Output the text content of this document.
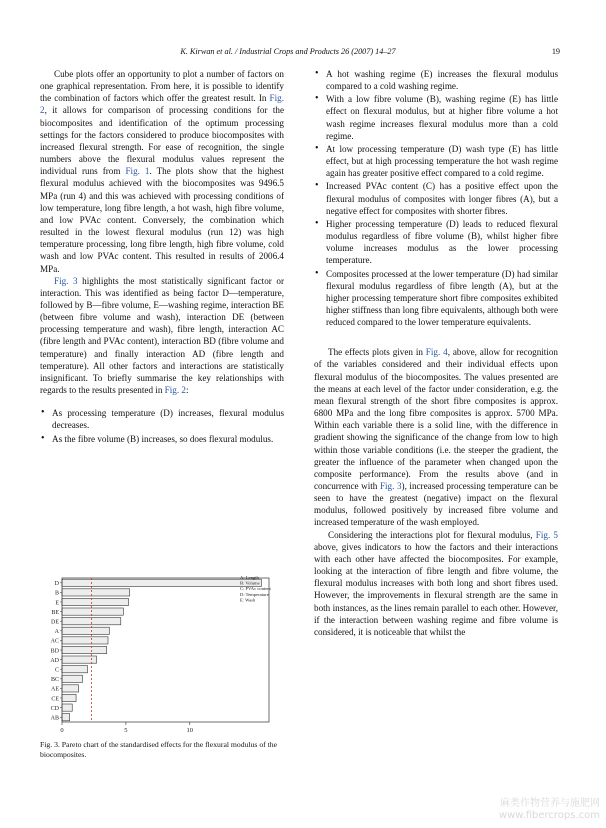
K. Kirwan et al. / Industrial Crops and Products 26 (2007) 14–27	19

Cube plots offer an opportunity to plot a number of factors on one graphical representation. From here, it is possible to identify the combination of factors which offer the greatest result. In Fig. 2, it allows for comparison of processing conditions for the biocomposites and identification of the optimum processing settings for the factors considered to produce biocomposites with increased flexural strength. For ease of recognition, the single numbers above the flexural modulus values represent the individual runs from Fig. 1. The plots show that the highest flexural modulus achieved with the biocomposites was 9496.5 MPa (run 4) and this was achieved with processing conditions of low temperature, long fibre length, a hot wash, high fibre volume, and low PVAc content. Conversely, the combination which resulted in the lowest flexural modulus (run 12) was high temperature processing, long fibre length, high fibre volume, cold wash and low PVAc content. This resulted in results of 2006.4 MPa.

Fig. 3 highlights the most statistically significant factor or interaction. This was identified as being factor D—temperature, followed by B—fibre volume, E—washing regime, interaction BE (between fibre volume and wash), interaction DE (between processing temperature and wash), fibre length, interaction AC (fibre length and PVAc content), interaction BD (fibre volume and temperature) and finally interaction AD (fibre length and temperature). All other factors and interactions are statistically insignificant. To briefly summarise the key relationships with regards to the results presented in Fig. 2:

• As processing temperature (D) increases, flexural modulus decreases.
• As the fibre volume (B) increases, so does flexural modulus.
D
B
E
BE
DE
A
AC
BD
AD
C
BC
AE
CE
CD
AB
0	5	10
A: Length
B: Volume
C: PVAc content
D: Temperature
E: Wash
Fig. 3. Pareto chart of the standardised effects for the flexural modulus of the biocomposites.
• A hot washing regime (E) increases the flexural modulus compared to a cold washing regime.
• With a low fibre volume (B), washing regime (E) has little effect on flexural modulus, but at higher fibre volume a hot wash regime increases flexural modulus more than a cold regime.
• At low processing temperature (D) wash type (E) has little effect, but at high processing temperature the hot wash regime again has greater positive effect compared to a cold regime.
• Increased PVAc content (C) has a positive effect upon the flexural modulus of composites with longer fibres (A), but a negative effect for composites with shorter fibres.
• Higher processing temperature (D) leads to reduced flexural modulus regardless of fibre volume (B), whilst higher fibre volume increases modulus as the lower processing temperature.
• Composites processed at the lower temperature (D) had similar flexural modulus regardless of fibre length (A), but at the higher processing temperature short fibre composites exhibited higher stiffness than long fibre equivalents, although both were reduced compared to the lower temperature equivalents.

The effects plots given in Fig. 4, above, allow for recognition of the variables considered and their individual effects upon flexural modulus of the biocomposites. The values presented are the means at each level of the factor under consideration, e.g. the mean flexural strength of the short fibre composites is approx. 6800 MPa and the long fibre composites is approx. 5700 MPa. Within each variable there is a solid line, with the difference in gradient showing the significance of the change from low to high within those variable conditions (i.e. the steeper the gradient, the greater the influence of the parameter when changed upon the composite performance). From the results above (and in concurrence with Fig. 3), increased processing temperature can be seen to have the greatest (negative) impact on the flexural modulus, followed positively by increased fibre volume and increased temperature of the wash employed.

Considering the interactions plot for flexural modulus, Fig. 5 above, gives indicators to how the factors and their interactions with each other have affected the biocomposites. For example, looking at the interaction of fibre length and fibre volume, the flexural modulus increases with both long and short fibres used. However, the improvements in flexural strength are the same in both instances, as the lines remain parallel to each other. However, if the interaction between washing regime and fibre volume is considered, it is noticeable that whilst the

麻类作物营养与施肥网
www.fibercrops.com
